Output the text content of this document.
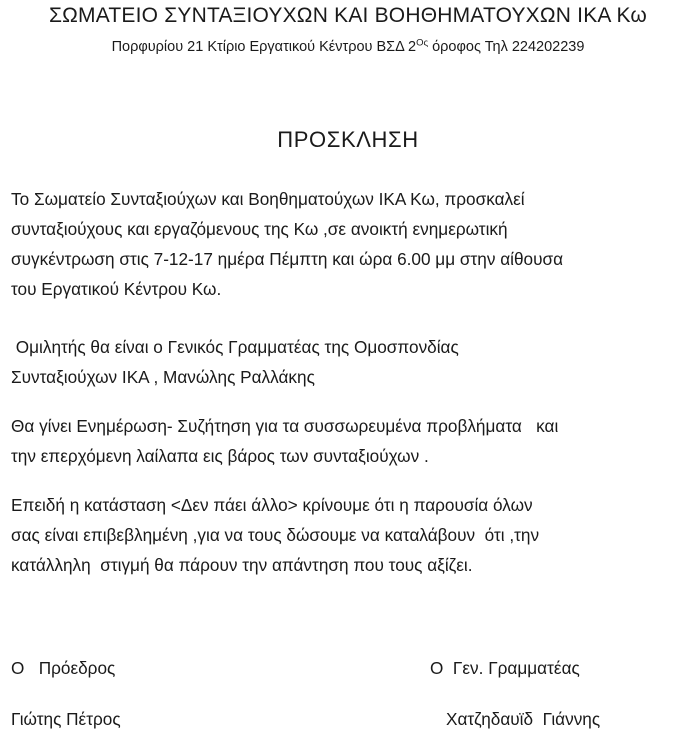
ΣΩΜΑΤΕΙΟ ΣΥΝΤΑΞΙΟΥΧΩΝ ΚΑΙ ΒΟΗΘΗΜΑΤΟΥΧΩΝ ΙΚΑ Κω
Πορφυρίου 21 Κτίριο Εργατικού Κέντρου ΒΣΔ $2^{O\varsigma}$ όροφος Τηλ 224202239
ΠΡΟΣΚΛΗΣΗ

Το Σωματείο Συνταξιούχων και Βοηθηματούχων ΙΚΑ Κω, προσκαλεί
συνταξιούχους και εργαζόμενους της Κω ,σε ανοικτή ενημερωτική
συγκέντρωση στις 7-12-17 ημέρα Πέμπτη και ώρα 6.00 μμ στην αίθουσα
του Εργατικού Κέντρου Κω.

Ομιλητής θα είναι ο Γενικός Γραμματέας της Ομοσπονδίας
Συνταξιούχων ΙΚΑ , Μανώλης Ραλλάκης

Θα γίνει Ενημέρωση- Συζήτηση για τα συσσωρευμένα προβλήματα   και
την επερχόμενη λαίλαπα εις βάρος των συνταξιούχων .

Επειδή η κατάσταση <Δεν πάει άλλο> κρίνουμε ότι η παρουσία όλων
σας είναι επιβεβλημένη ,για να τους δώσουμε να καταλάβουν  ότι ,την
κατάλληλη  στιγμή θα πάρουν την απάντηση που τους αξίζει.

Ο   Πρόεδρος	Ο  Γεν. Γραμματέας
Γιώτης Πέτρος	Χατζηδαυϊδ  Γιάννης
